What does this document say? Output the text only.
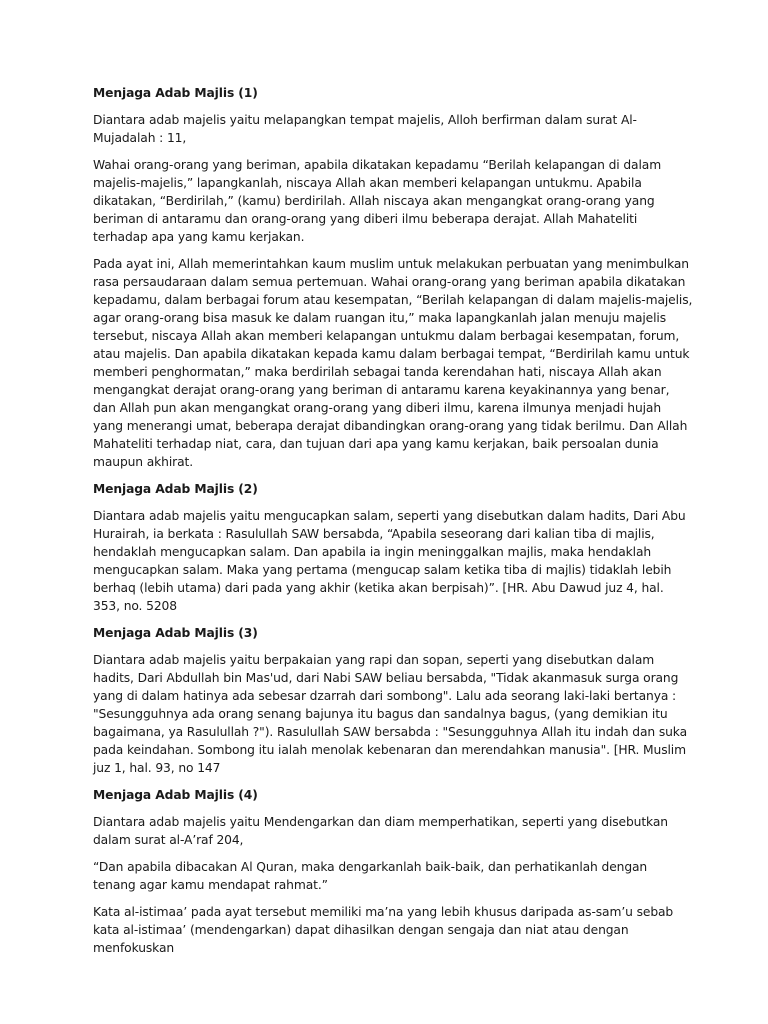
Menjaga Adab Majlis (1)

Diantara adab majelis yaitu melapangkan tempat majelis, Alloh berfirman dalam surat Al-Mujadalah : 11,

Wahai orang-orang yang beriman, apabila dikatakan kepadamu “Berilah kelapangan di dalam majelis-majelis,” lapangkanlah, niscaya Allah akan memberi kelapangan untukmu. Apabila dikatakan, “Berdirilah,” (kamu) berdirilah. Allah niscaya akan mengangkat orang-orang yang beriman di antaramu dan orang-orang yang diberi ilmu beberapa derajat. Allah Mahateliti terhadap apa yang kamu kerjakan.

Pada ayat ini, Allah memerintahkan kaum muslim untuk melakukan perbuatan yang menimbulkan rasa persaudaraan dalam semua pertemuan. Wahai orang-orang yang beriman apabila dikatakan kepadamu, dalam berbagai forum atau kesempatan, “Berilah kelapangan di dalam majelis-majelis, agar orang-orang bisa masuk ke dalam ruangan itu,” maka lapangkanlah jalan menuju majelis tersebut, niscaya Allah akan memberi kelapangan untukmu dalam berbagai kesempatan, forum, atau majelis. Dan apabila dikatakan kepada kamu dalam berbagai tempat, “Berdirilah kamu untuk memberi penghormatan,” maka berdirilah sebagai tanda kerendahan hati, niscaya Allah akan mengangkat derajat orang-orang yang beriman di antaramu karena keyakinannya yang benar, dan Allah pun akan mengangkat orang-orang yang diberi ilmu, karena ilmunya menjadi hujah yang menerangi umat, beberapa derajat dibandingkan orang-orang yang tidak berilmu. Dan Allah Mahateliti terhadap niat, cara, dan tujuan dari apa yang kamu kerjakan, baik persoalan dunia maupun akhirat.

Menjaga Adab Majlis (2)

Diantara adab majelis yaitu mengucapkan salam, seperti yang disebutkan dalam hadits, Dari Abu Hurairah, ia berkata : Rasulullah SAW bersabda, “Apabila seseorang dari kalian tiba di majlis, hendaklah mengucapkan salam. Dan apabila ia ingin meninggalkan majlis, maka hendaklah mengucapkan salam. Maka yang pertama (mengucap salam ketika tiba di majlis) tidaklah lebih berhaq (lebih utama) dari pada yang akhir (ketika akan berpisah)”. [HR. Abu Dawud juz 4, hal. 353, no. 5208

Menjaga Adab Majlis (3)

Diantara adab majelis yaitu berpakaian yang rapi dan sopan, seperti yang disebutkan dalam hadits, Dari Abdullah bin Mas'ud, dari Nabi SAW beliau bersabda, "Tidak akanmasuk surga orang yang di dalam hatinya ada sebesar dzarrah dari sombong". Lalu ada seorang laki-laki bertanya : "Sesungguhnya ada orang senang bajunya itu bagus dan sandalnya bagus, (yang demikian itu bagaimana, ya Rasulullah ?"). Rasulullah SAW bersabda : "Sesungguhnya Allah itu indah dan suka pada keindahan. Sombong itu ialah menolak kebenaran dan merendahkan manusia". [HR. Muslim juz 1, hal. 93, no 147

Menjaga Adab Majlis (4)

Diantara adab majelis yaitu Mendengarkan dan diam memperhatikan, seperti yang disebutkan dalam surat al-A’raf 204,

“Dan apabila dibacakan Al Quran, maka dengarkanlah baik-baik, dan perhatikanlah dengan tenang agar kamu mendapat rahmat.”

Kata al-istimaa’ pada ayat tersebut memiliki ma’na yang lebih khusus daripada as-sam’u sebab kata al-istimaa’ (mendengarkan) dapat dihasilkan dengan sengaja dan niat atau dengan menfokuskan
